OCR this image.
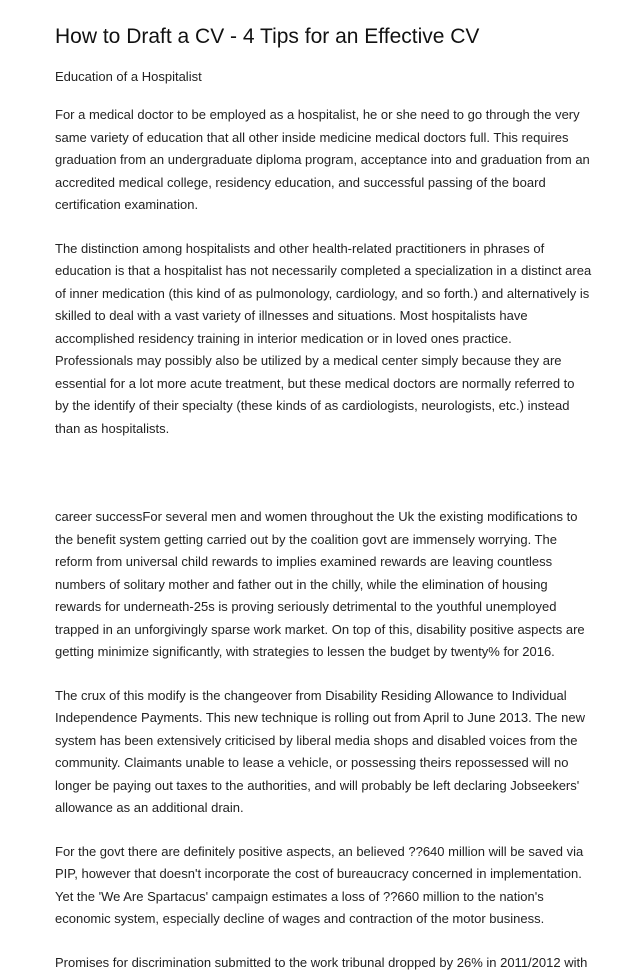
How to Draft a CV - 4 Tips for an Effective CV
Education of a Hospitalist

For a medical doctor to be employed as a hospitalist, he or she need to go through the very
same variety of education that all other inside medicine medical doctors full. This requires
graduation from an undergraduate diploma program, acceptance into and graduation from an
accredited medical college, residency education, and successful passing of the board
certification examination.

The distinction among hospitalists and other health-related practitioners in phrases of
education is that a hospitalist has not necessarily completed a specialization in a distinct area
of inner medication (this kind of as pulmonology, cardiology, and so forth.) and alternatively is
skilled to deal with a vast variety of illnesses and situations. Most hospitalists have
accomplished residency training in interior medication or in loved ones practice.
Professionals may possibly also be utilized by a medical center simply because they are
essential for a lot more acute treatment, but these medical doctors are normally referred to
by the identify of their specialty (these kinds of as cardiologists, neurologists, etc.) instead
than as hospitalists.

career successFor several men and women throughout the Uk the existing modifications to
the benefit system getting carried out by the coalition govt are immensely worrying. The
reform from universal child rewards to implies examined rewards are leaving countless
numbers of solitary mother and father out in the chilly, while the elimination of housing
rewards for underneath-25s is proving seriously detrimental to the youthful unemployed
trapped in an unforgivingly sparse work market. On top of this, disability positive aspects are
getting minimize significantly, with strategies to lessen the budget by twenty% for 2016.

The crux of this modify is the changeover from Disability Residing Allowance to Individual
Independence Payments. This new technique is rolling out from April to June 2013. The new
system has been extensively criticised by liberal media shops and disabled voices from the
community. Claimants unable to lease a vehicle, or possessing theirs repossessed will no
longer be paying out taxes to the authorities, and will probably be left declaring Jobseekers'
allowance as an additional drain.

For the govt there are definitely positive aspects, an believed ??640 million will be saved via
PIP, however that doesn't incorporate the cost of bureaucracy concerned in implementation.
Yet the 'We Are Spartacus' campaign estimates a loss of ??660 million to the nation's
economic system, especially decline of wages and contraction of the motor business.

Promises for discrimination submitted to the work tribunal dropped by 26% in 2011/2012 with
